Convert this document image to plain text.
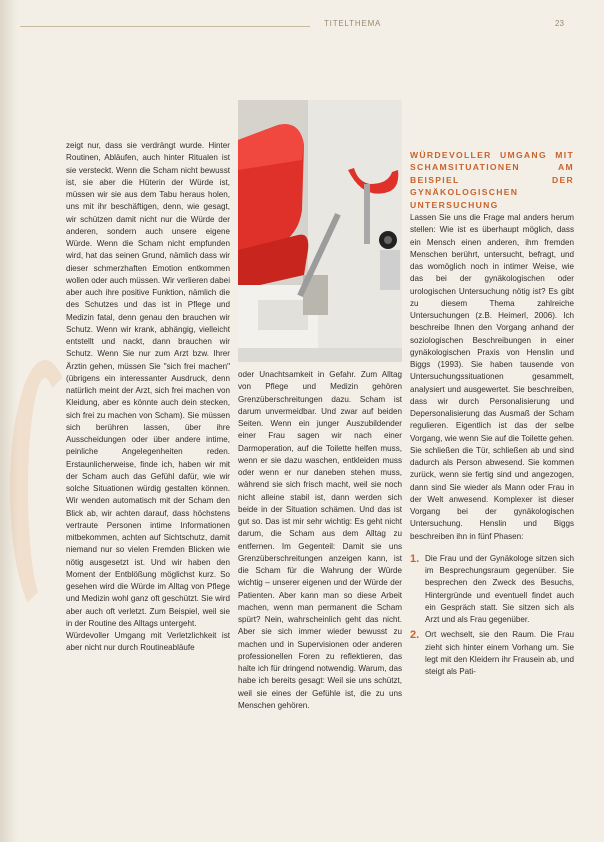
TITELTHEMA	23

zeigt nur, dass sie verdrängt wurde. Hinter Routinen, Abläufen, auch hinter Ritualen ist sie versteckt. Wenn die Scham nicht bewusst ist, sie aber die Hüterin der Würde ist, müssen wir sie aus dem Tabu heraus holen, uns mit ihr beschäftigen, denn, wie gesagt, wir schützen damit nicht nur die Würde der anderen, sondern auch unsere eigene Würde. Wenn die Scham nicht empfunden wird, hat das seinen Grund, nämlich dass wir dieser schmerzhaften Emotion entkommen wollen oder auch müssen. Wir verlieren dabei aber auch ihre positive Funktion, nämlich die des Schutzes und das ist in Pflege und Medizin fatal, denn genau den brauchen wir Schutz. Wenn wir krank, abhängig, vielleicht entstellt und nackt, dann brauchen wir Schutz. Wenn Sie nur zum Arzt bzw. Ihrer Ärztin gehen, müssen Sie "sich frei machen" (übrigens ein interessanter Ausdruck, denn natürlich meint der Arzt, sich frei machen von Kleidung, aber es könnte auch dein stecken, sich frei zu machen von Scham). Sie müssen sich berühren lassen, über ihre Ausscheidungen oder über andere intime, peinliche Angelegenheiten reden. Erstaunlicherweise, finde ich, haben wir mit der Scham auch das Gefühl dafür, wie wir solche Situationen würdig gestalten können. Wir wenden automatisch mit der Scham den Blick ab, wir achten darauf, dass höchstens vertraute Personen intime Informationen mitbekommen, achten auf Sichtschutz, damit niemand nur so vielen Fremden Blicken wie nötig ausgesetzt ist. Und wir haben den Moment der Entblößung möglichst kurz. So gesehen wird die Würde im Alltag von Pflege und Medizin wohl ganz oft geschützt. Sie wird aber auch oft verletzt. Zum Beispiel, weil sie in der Routine des Alltags untergeht.

Würdevoller Umgang mit Verletzlichkeit ist aber nicht nur durch Routineabläufe

oder Unachtsamkeit in Gefahr. Zum Alltag von Pflege und Medizin gehören Grenzüberschreitungen dazu. Scham ist darum unvermeidbar. Und zwar auf beiden Seiten. Wenn ein junger Auszubildender einer Frau sagen wir nach einer Darmoperation, auf die Toilette helfen muss, wenn er sie dazu waschen, entkleiden muss oder wenn er nur daneben stehen muss, während sie sich frisch macht, weil sie noch nicht alleine stabil ist, dann werden sich beide in der Situation schämen. Und das ist gut so. Das ist mir sehr wichtig: Es geht nicht darum, die Scham aus dem Alltag zu entfernen. Im Gegenteil: Damit sie uns Grenzüberschreitungen anzeigen kann, ist die Scham für die Wahrung der Würde wichtig – unserer eigenen und der Würde der Patienten. Aber kann man so diese Arbeit machen, wenn man permanent die Scham spürt? Nein, wahrscheinlich geht das nicht. Aber sie sich immer wieder bewusst zu machen und in Supervisionen oder anderen professionellen Foren zu reflektieren, das halte ich für dringend notwendig. Warum, das habe ich bereits gesagt: Weil sie uns schützt, weil sie eines der Gefühle ist, die zu uns Menschen gehören.

WÜRDEVOLLER UMGANG MIT SCHAMSITUATIONEN AM BEISPIEL DER GYNÄKOLOGISCHEN UNTERSUCHUNG

Lassen Sie uns die Frage mal anders herum stellen: Wie ist es überhaupt möglich, dass ein Mensch einen anderen, ihm fremden Menschen berührt, untersucht, befragt, und das womöglich noch in intimer Weise, wie das bei der gynäkologischen oder urologischen Untersuchung nötig ist? Es gibt zu diesem Thema zahlreiche Untersuchungen (z.B. Heimerl, 2006). Ich beschreibe Ihnen den Vorgang anhand der soziologischen Beschreibungen in einer gynäkologischen Praxis von Henslin und Biggs (1993). Sie haben tausende von Untersuchungssituationen gesammelt, analysiert und ausgewertet. Sie beschreiben, dass wir durch Personalisierung und Depersonalisierung das Ausmaß der Scham regulieren. Eigentlich ist das der selbe Vorgang, wie wenn Sie auf die Toilette gehen. Sie schließen die Tür, schließen ab und sind dadurch als Person abwesend. Sie kommen zurück, wenn sie fertig sind und angezogen, dann sind Sie wieder als Mann oder Frau in der Welt anwesend. Komplexer ist dieser Vorgang bei der gynäkologischen Untersuchung. Henslin und Biggs beschreiben ihn in fünf Phasen:

1. Die Frau und der Gynäkologe sitzen sich im Besprechungsraum gegenüber. Sie besprechen den Zweck des Besuchs, Hintergründe und eventuell findet auch ein Gespräch statt. Sie sitzen sich als Arzt und als Frau gegenüber.
2. Ort wechselt, sie den Raum. Die Frau zieht sich hinter einem Vorhang um. Sie legt mit den Kleidern ihr Frausein ab, und steigt als Pati-
